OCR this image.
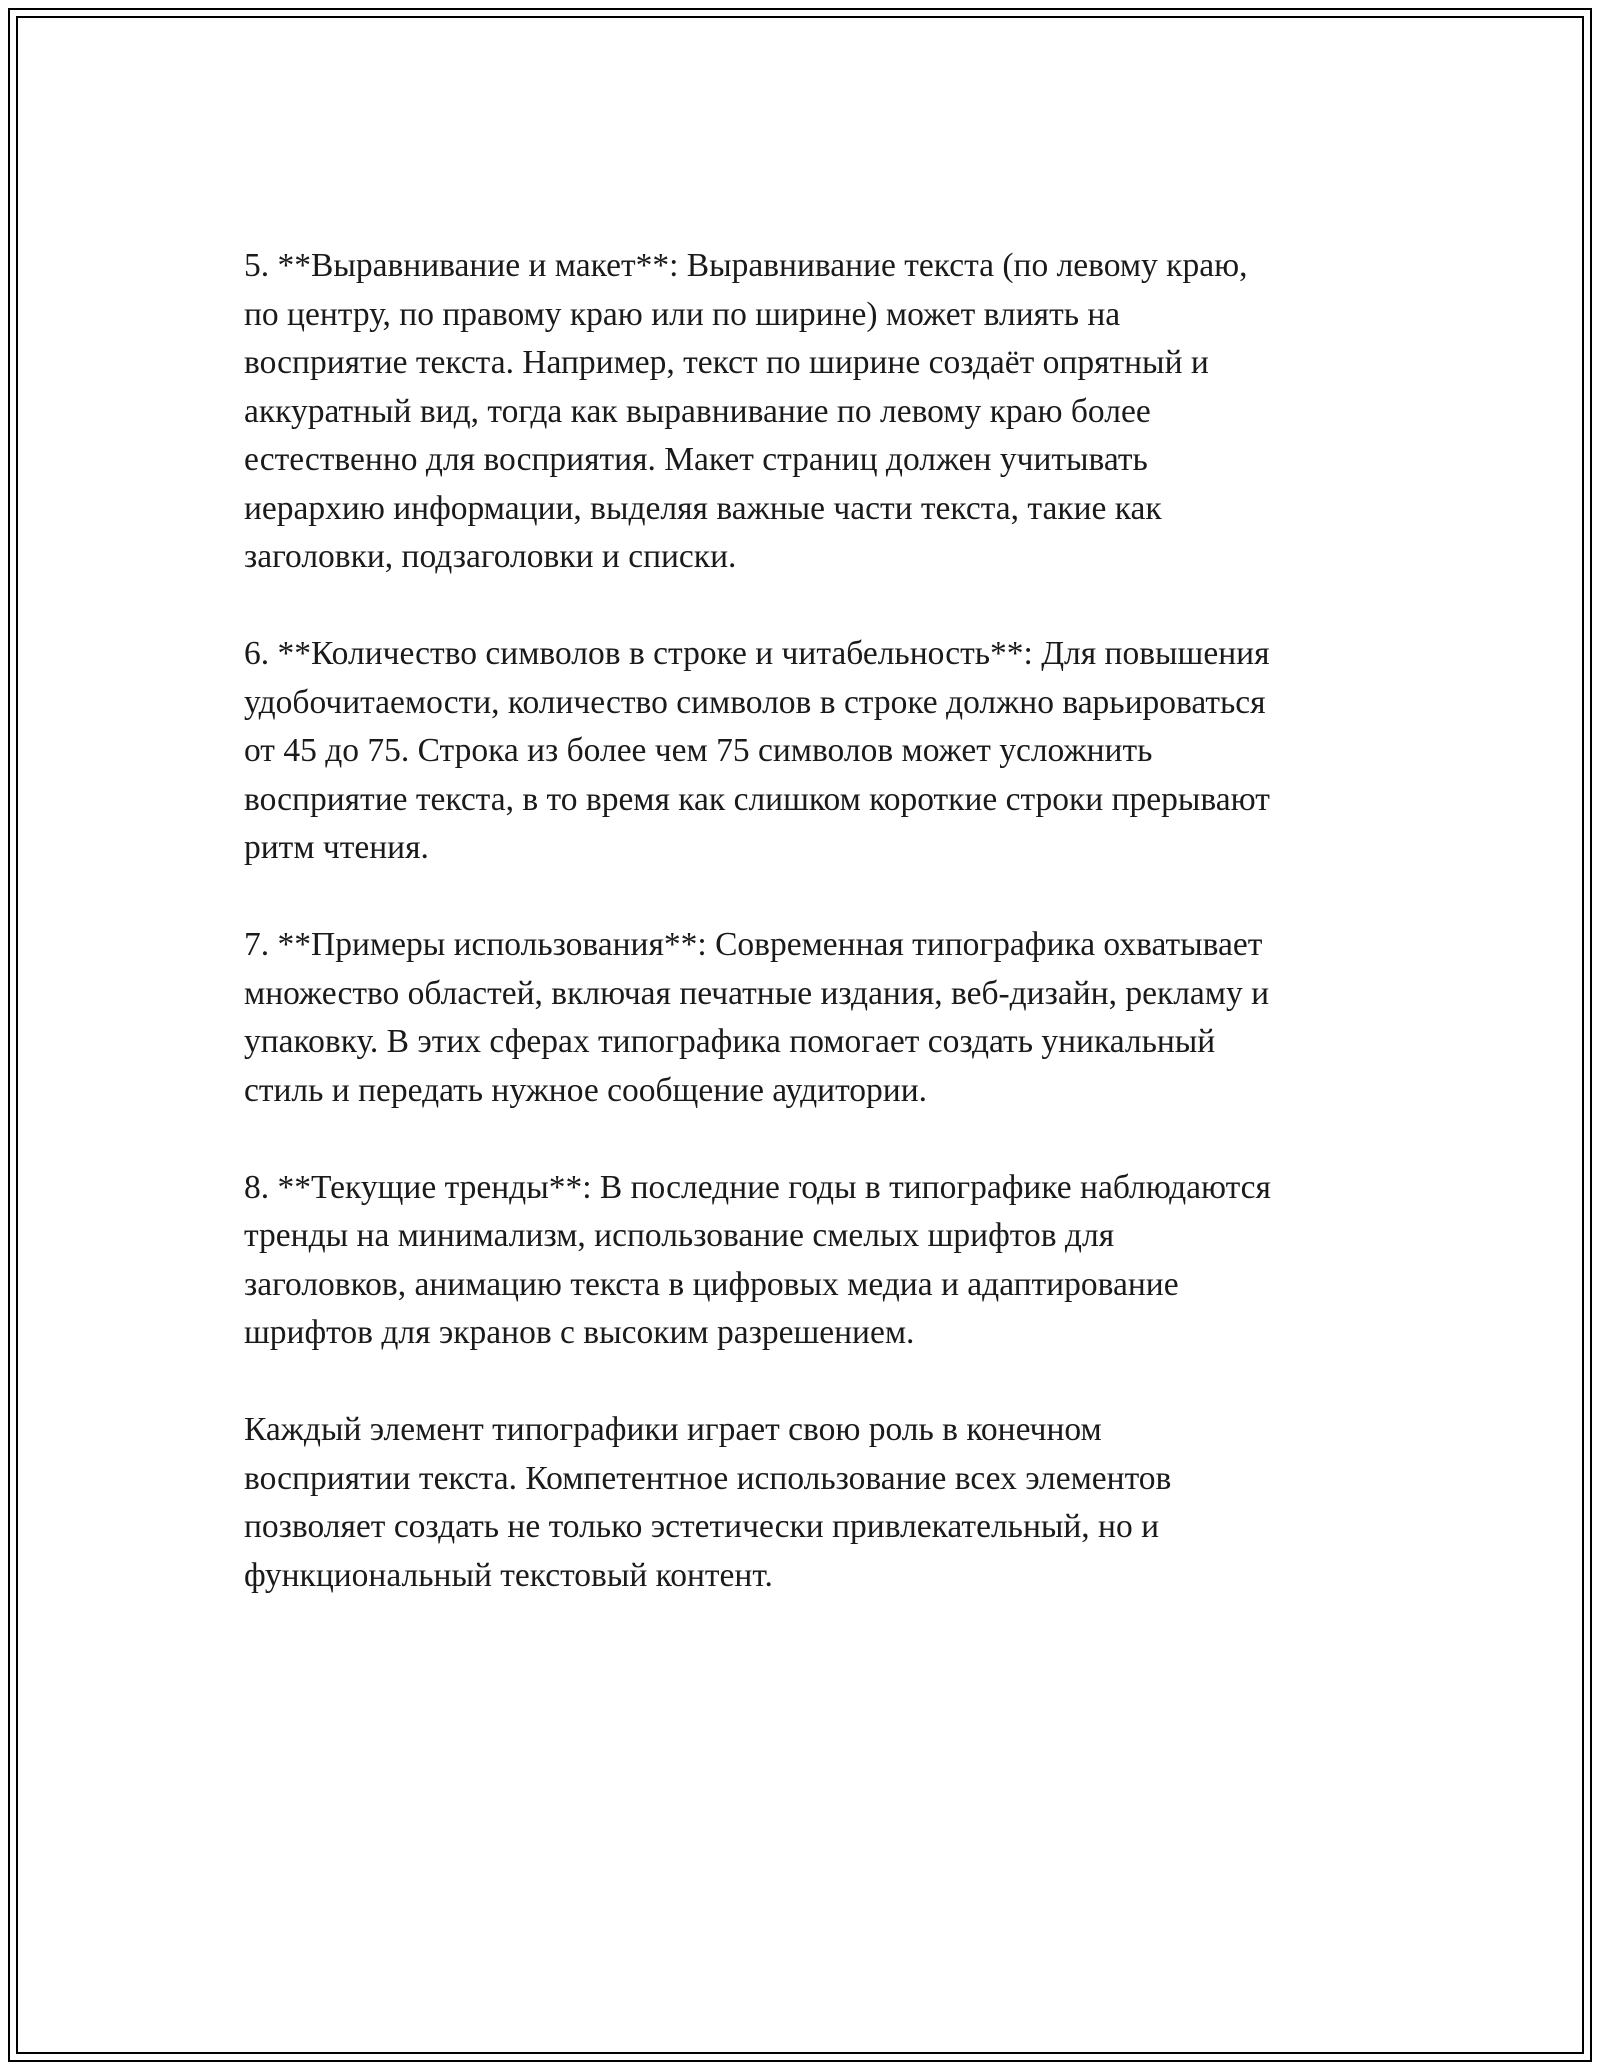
5. **Выравнивание и макет**: Выравнивание текста (по левому краю,
по центру, по правому краю или по ширине) может влиять на
восприятие текста. Например, текст по ширине создаёт опрятный и
аккуратный вид, тогда как выравнивание по левому краю более
естественно для восприятия. Макет страниц должен учитывать
иерархию информации, выделяя важные части текста, такие как
заголовки, подзаголовки и списки.

6. **Количество символов в строке и читабельность**: Для повышения
удобочитаемости, количество символов в строке должно варьироваться
от 45 до 75. Строка из более чем 75 символов может усложнить
восприятие текста, в то время как слишком короткие строки прерывают
ритм чтения.

7. **Примеры использования**: Современная типографика охватывает
множество областей, включая печатные издания, веб-дизайн, рекламу и
упаковку. В этих сферах типографика помогает создать уникальный
стиль и передать нужное сообщение аудитории.

8. **Текущие тренды**: В последние годы в типографике наблюдаются
тренды на минимализм, использование смелых шрифтов для
заголовков, анимацию текста в цифровых медиа и адаптирование
шрифтов для экранов с высоким разрешением.

Каждый элемент типографики играет свою роль в конечном
восприятии текста. Компетентное использование всех элементов
позволяет создать не только эстетически привлекательный, но и
функциональный текстовый контент.
